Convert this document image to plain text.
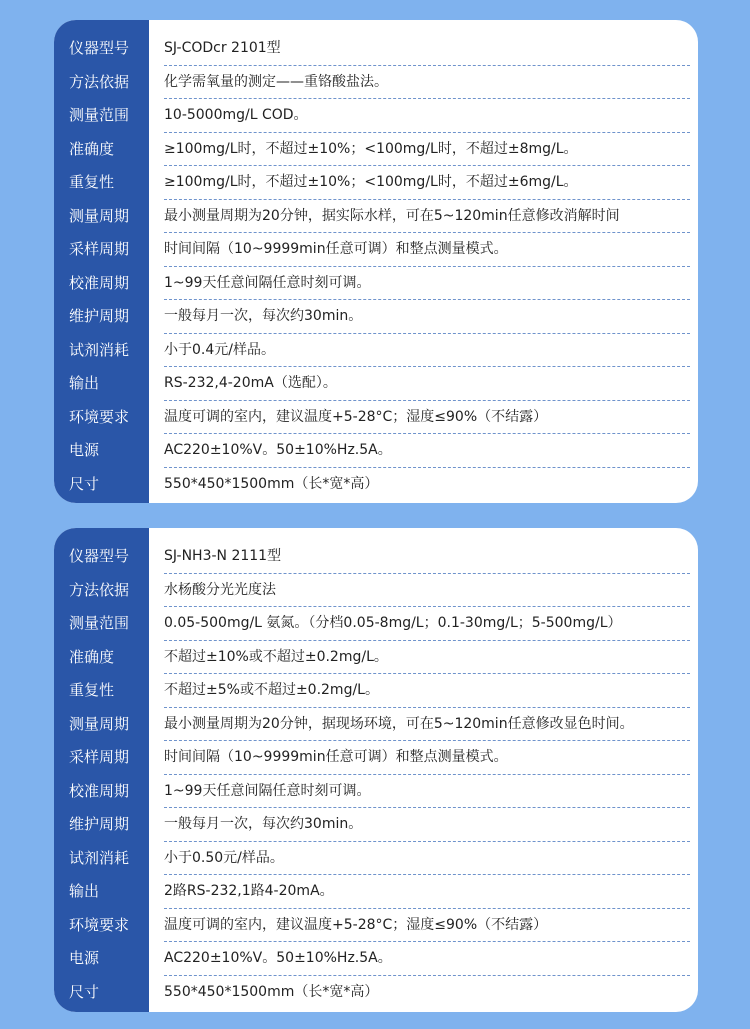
仪器型号
方法依据
测量范围
准确度
重复性
测量周期
采样周期
校准周期
维护周期
试剂消耗
输出
环境要求
电源
尺寸
SJ-CODcr 2101型
化学需氧量的测定——重铬酸盐法。
10-5000mg/L COD。
≥100mg/L时，不超过±10%；<100mg/L时，不超过±8mg/L。
≥100mg/L时，不超过±10%；<100mg/L时，不超过±6mg/L。
最小测量周期为20分钟，据实际水样，可在5~120min任意修改消解时间
时间间隔（10~9999min任意可调）和整点测量模式。
1~99天任意间隔任意时刻可调。
一般每月一次，每次约30min。
小于0.4元/样品。
RS-232,4-20mA（选配）。
温度可调的室内，建议温度+5-28°C；湿度≤90%（不结露）
AC220±10%V。50±10%Hz.5A。
550*450*1500mm（长*宽*高）
仪器型号
方法依据
测量范围
准确度
重复性
测量周期
采样周期
校准周期
维护周期
试剂消耗
输出
环境要求
电源
尺寸
SJ-NH3-N 2111型
水杨酸分光光度法
0.05-500mg/L 氨氮。（分档0.05-8mg/L；0.1-30mg/L；5-500mg/L）
不超过±10%或不超过±0.2mg/L。
不超过±5%或不超过±0.2mg/L。
最小测量周期为20分钟，据现场环境，可在5~120min任意修改显色时间。
时间间隔（10~9999min任意可调）和整点测量模式。
1~99天任意间隔任意时刻可调。
一般每月一次，每次约30min。
小于0.50元/样品。
2路RS-232,1路4-20mA。
温度可调的室内，建议温度+5-28°C；湿度≤90%（不结露）
AC220±10%V。50±10%Hz.5A。
550*450*1500mm（长*宽*高）
